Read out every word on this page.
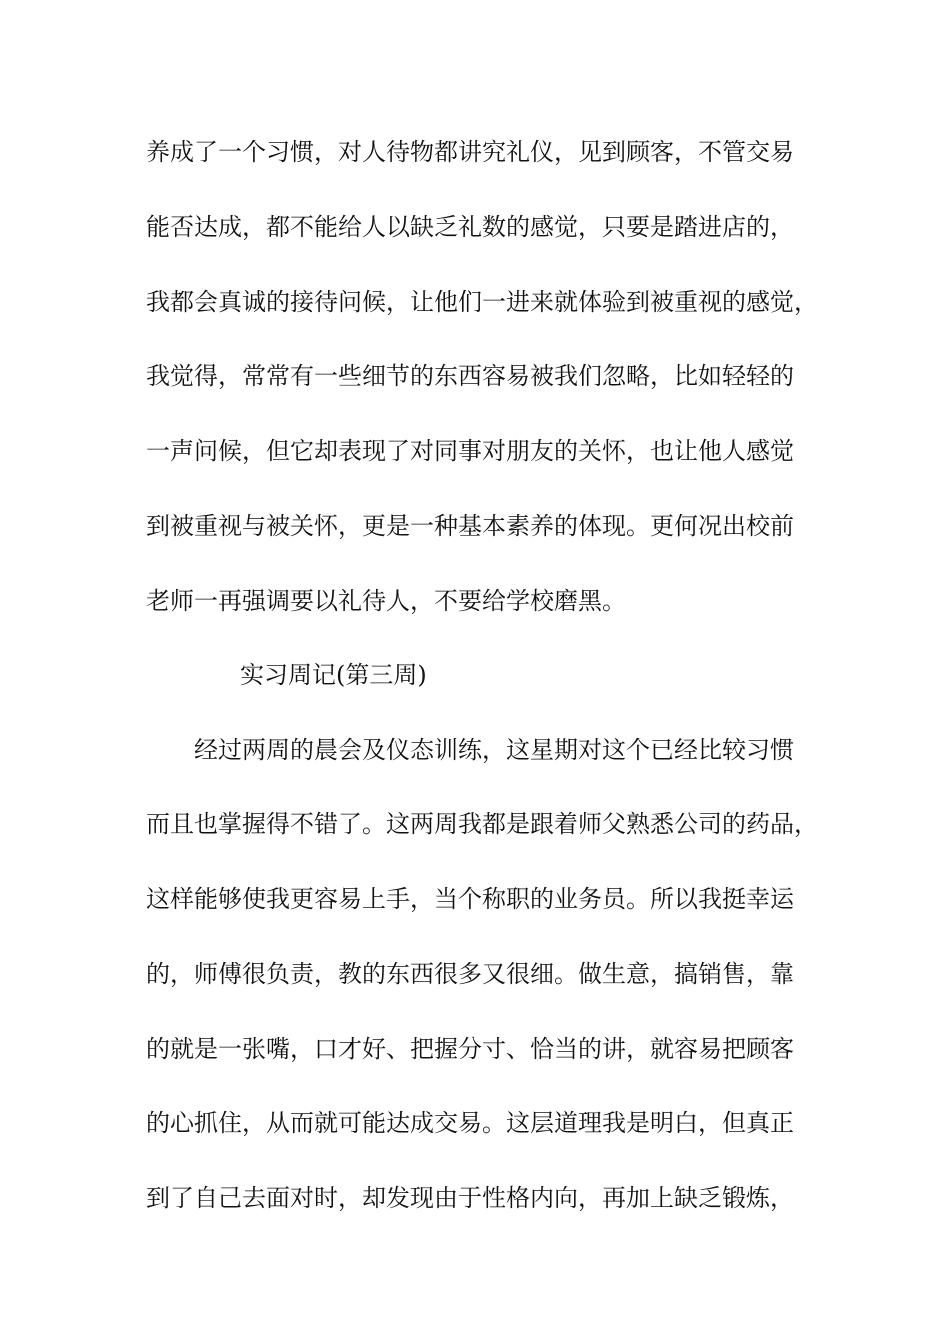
养成了一个习惯，对人待物都讲究礼仪，见到顾客，不管交易
能否达成，都不能给人以缺乏礼数的感觉，只要是踏进店的，
我都会真诚的接待问候，让他们一进来就体验到被重视的感觉，
我觉得，常常有一些细节的东西容易被我们忽略，比如轻轻的
一声问候，但它却表现了对同事对朋友的关怀，也让他人感觉
到被重视与被关怀，更是一种基本素养的体现。更何况出校前
老师一再强调要以礼待人，不要给学校磨黑。
实习周记(第三周)
经过两周的晨会及仪态训练，这星期对这个已经比较习惯
而且也掌握得不错了。这两周我都是跟着师父熟悉公司的药品，
这样能够使我更容易上手，当个称职的业务员。所以我挺幸运
的，师傅很负责，教的东西很多又很细。做生意，搞销售，靠
的就是一张嘴，口才好、把握分寸、恰当的讲，就容易把顾客
的心抓住，从而就可能达成交易。这层道理我是明白，但真正
到了自己去面对时，却发现由于性格内向，再加上缺乏锻炼，
